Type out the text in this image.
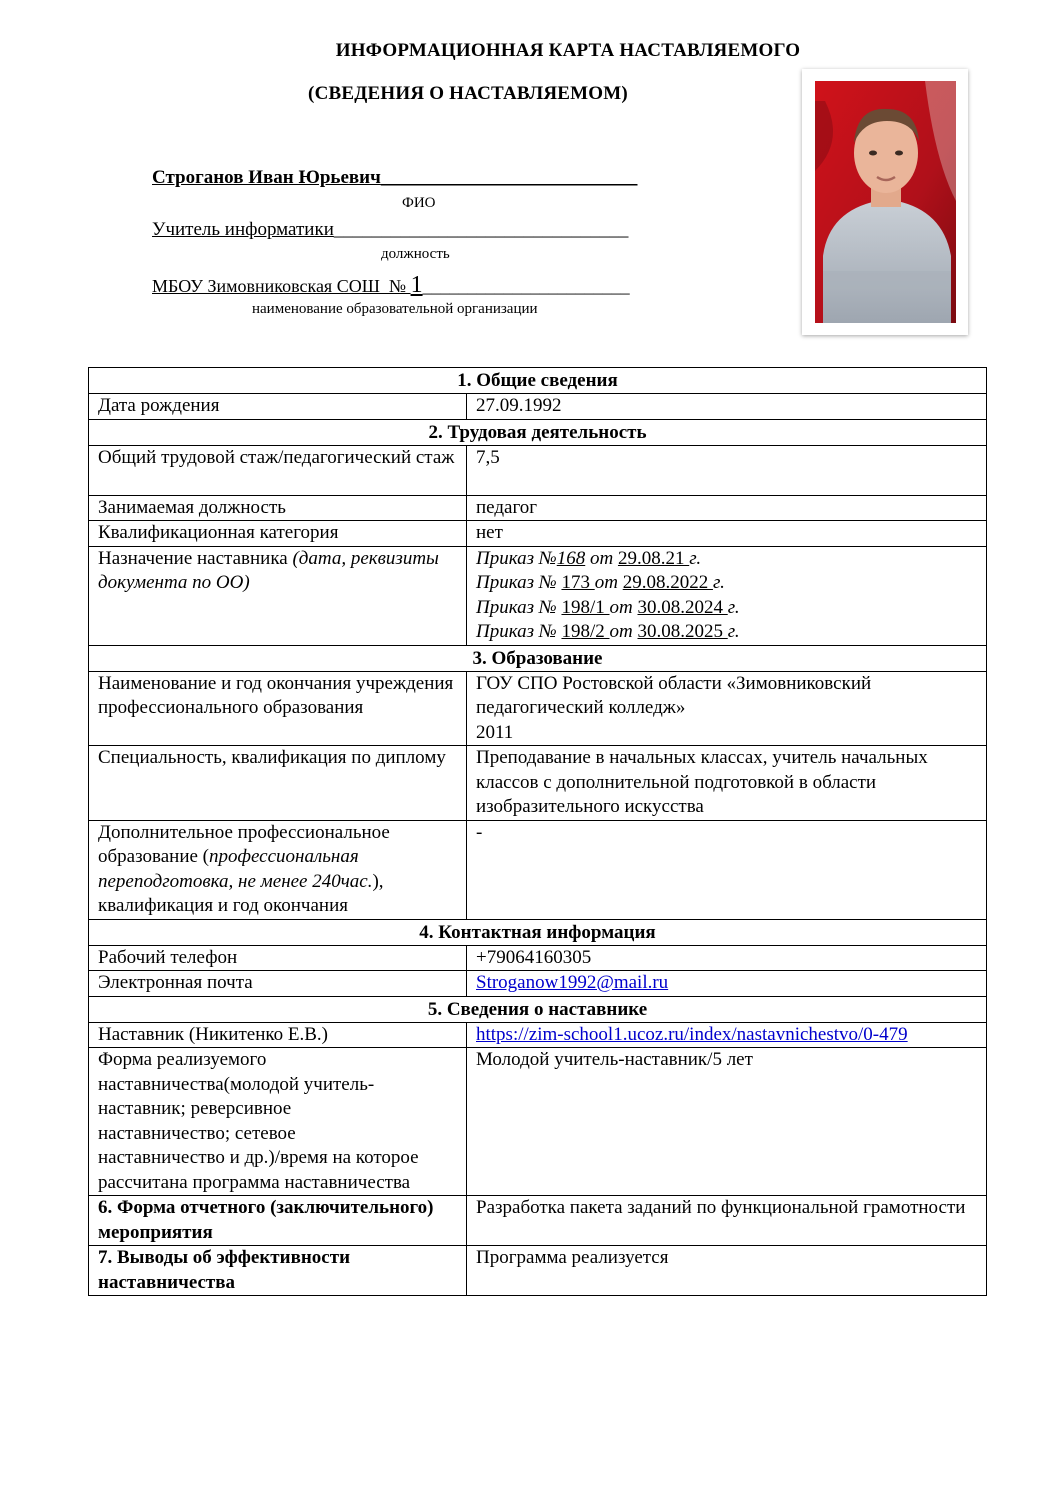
ИНФОРМАЦИОННАЯ КАРТА НАСТАВЛЯЕМОГО
(СВЕДЕНИЯ О НАСТАВЛЯЕМОМ)
Строганов Иван Юрьевич___________________________
ФИО
Учитель информатики_______________________________
должность
МБОУ Зимовниковская СОШ  № 1_______________________
наименование образовательной организации
1. Общие сведения	
Дата рождения	27.09.1992
2. Трудовая деятельность	
Общий трудовой стаж/педагогический стаж	7,5
Занимаемая должность	педагог
Квалификационная категория	нет
Назначение наставника (дата, реквизиты документа по ОО)	Приказ №168 от 29.08.21 г.
Приказ № 173 от 29.08.2022 г.
Приказ № 198/1 от 30.08.2024 г.
Приказ № 198/2 от 30.08.2025 г.

3. Образование	
Наименование и год окончания учреждения профессионального образования	ГОУ СПО Ростовской области «Зимовниковский педагогический колледж»
2011

Специальность, квалификация по диплому	Преподавание в начальных классах, учитель начальных классов с дополнительной подготовкой в области изобразительного искусства
Дополнительное профессиональное образование (профессиональная переподготовка, не менее 240час.), квалификация и год окончания	-
4. Контактная информация	
Рабочий телефон	+79064160305
Электронная почта	Stroganow1992@mail.ru
5. Сведения о наставнике	
Наставник (Никитенко Е.В.)	https://zim-school1.ucoz.ru/index/nastavnichestvo/0-479
Форма реализуемого наставничества(молодой учитель-наставник; реверсивное наставничество; сетевое наставничество и др.)/время на которое рассчитана программа наставничества	Молодой учитель-наставник/5 лет
6. Форма отчетного (заключительного) мероприятия	Разработка пакета заданий по функциональной грамотности
7. Выводы об эффективности наставничества	Программа реализуется
